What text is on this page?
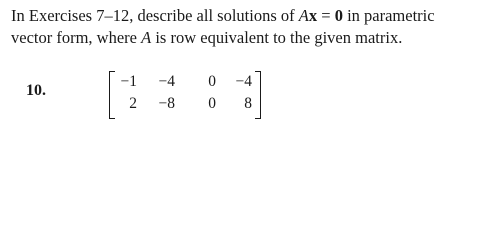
In Exercises 7–12, describe all solutions of Ax = 0 in parametric
vector form, where A is row equivalent to the given matrix.
10.
−1	−4	0	−4
2	−8	0	8
